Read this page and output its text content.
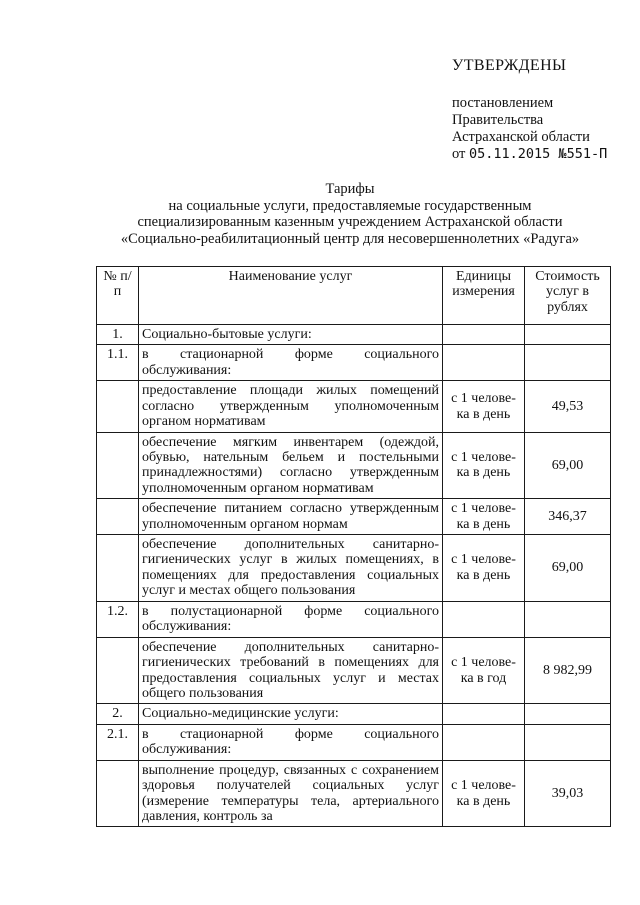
УТВЕРЖДЕНЫ
постановлением
Правительства
Астраханской области
от 05.11.2015 №551-П
Тарифы
на социальные услуги, предоставляемые государственным
специализированным казенным учреждением Астраханской области
«Социально-реабилитационный центр для несовершеннолетних «Радуга»
№ п/п	Наименование услуг	Единицы измерения	Стоимость услуг в рублях
1.	Социально-бытовые услуги:		
1.1.	в стационарной форме социального обслуживания:		
	предоставление площади жилых помещений согласно утвержденным уполномоченным органом нормативам	с 1 челове-ка в день	49,53
	обеспечение мягким инвентарем (одеждой, обувью, нательным бельем и постельными принадлежностями) согласно утвержденным уполномоченным органом нормативам	с 1 челове-ка в день	69,00
	обеспечение питанием согласно утвержденным уполномоченным органом нормам	с 1 челове-ка в день	346,37
	обеспечение дополнительных санитарно-гигиенических услуг в жилых помещениях, в помещениях для предоставления социальных услуг и местах общего пользования	с 1 челове-ка в день	69,00
1.2.	в полустационарной форме социального обслуживания:		
	обеспечение дополнительных санитарно-гигиенических требований в помещениях для предоставления социальных услуг и местах общего пользования	с 1 челове-ка в год	8 982,99
2.	Социально-медицинские услуги:		
2.1.	в стационарной форме социального обслуживания:		
	выполнение процедур, связанных с сохранением здоровья получателей социальных услуг (измерение температуры тела, артериального давления, контроль за	с 1 челове-ка в день	39,03
